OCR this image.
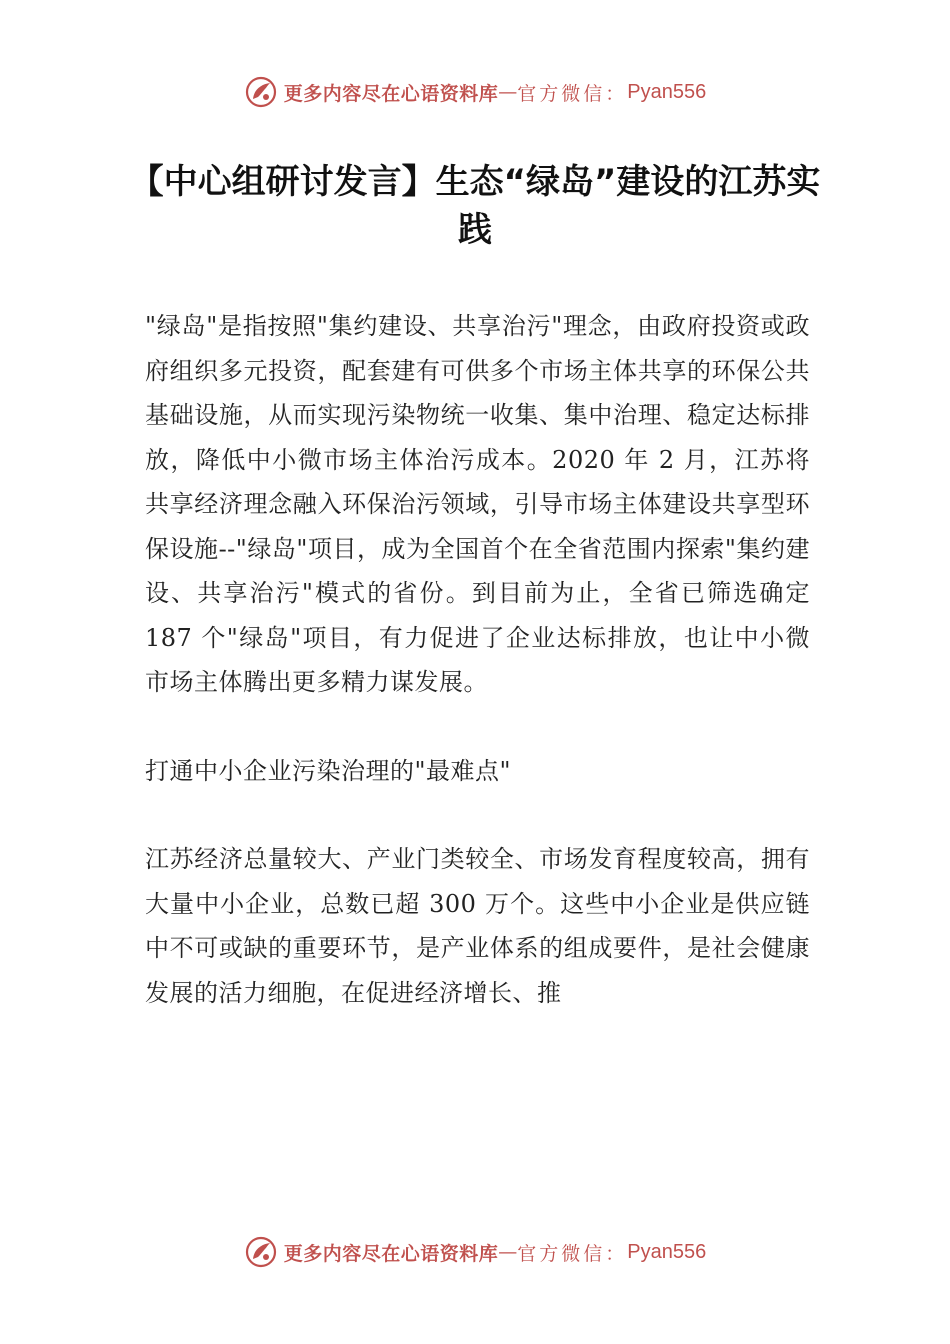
更多内容尽在心语资料库 — 官方微信： Pyan556
【中心组研讨发言】生态“绿岛”建设的江苏实践

"绿岛"是指按照"集约建设、共享治污"理念，由政府投资或政府组织多元投资，配套建有可供多个市场主体共享的环保公共基础设施，从而实现污染物统一收集、集中治理、稳定达标排放，降低中小微市场主体治污成本。2020 年 2 月，江苏将共享经济理念融入环保治污领域，引导市场主体建设共享型环保设施--"绿岛"项目，成为全国首个在全省范围内探索"集约建设、共享治污"模式的省份。到目前为止，全省已筛选确定 187 个"绿岛"项目，有力促进了企业达标排放，也让中小微市场主体腾出更多精力谋发展。

打通中小企业污染治理的"最难点"

江苏经济总量较大、产业门类较全、市场发育程度较高，拥有大量中小企业，总数已超 300 万个。这些中小企业是供应链中不可或缺的重要环节，是产业体系的组成要件，是社会健康发展的活力细胞，在促进经济增长、推

更多内容尽在心语资料库 — 官方微信： Pyan556
